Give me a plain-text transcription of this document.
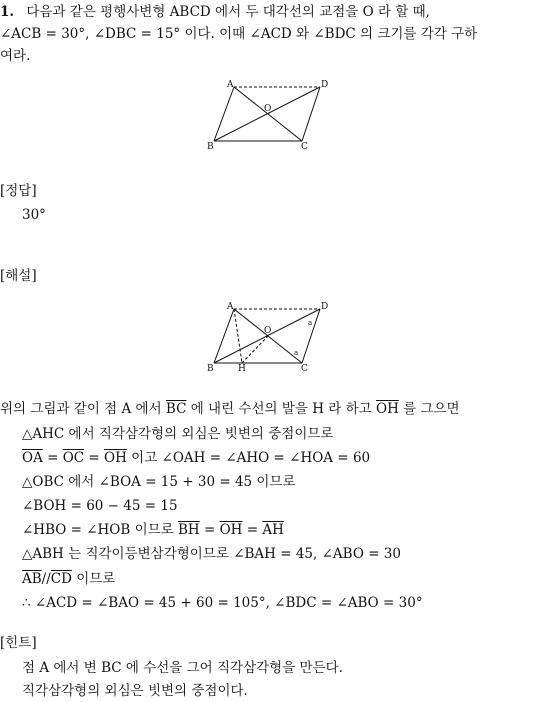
1. 다음과 같은 평행사변형 ABCD 에서 두 대각선의 교점을 O 라 할 때,
∠ACB = 30°, ∠DBC = 15° 이다. 이때 ∠ACD 와 ∠BDC 의 크기를 각각 구하
여라.
A	D
B	C
O
[정답]
30°
[해설]
A	D
B	C
O
H
a
a
위의 그림과 같이 점 A 에서 $\overline{BC}$ 에 내린 수선의 발을 H 라 하고 $\overline{OH}$ 를 그으면
△AHC 에서 직각삼각형의 외심은 빗변의 중점이므로
$\overline{OA} = \overline{OC} = \overline{OH}$ 이고 ∠OAH = ∠AHO = ∠HOA = 60
△OBC 에서 ∠BOA = 15 + 30 = 45 이므로
∠BOH = 60 − 45 = 15
∠HBO = ∠HOB 이므로 $\overline{BH} = \overline{OH} = \overline{AH}$
△ABH 는 직각이등변삼각형이므로 ∠BAH = 45, ∠ABO = 30
$\overline{AB}//\overline{CD}$ 이므로
∴ ∠ACD = ∠BAO = 45 + 60 = 105°, ∠BDC = ∠ABO = 30°
[힌트]
점 A 에서 변 BC 에 수선을 그어 직각삼각형을 만든다.
직각삼각형의 외심은 빗변의 중점이다.
